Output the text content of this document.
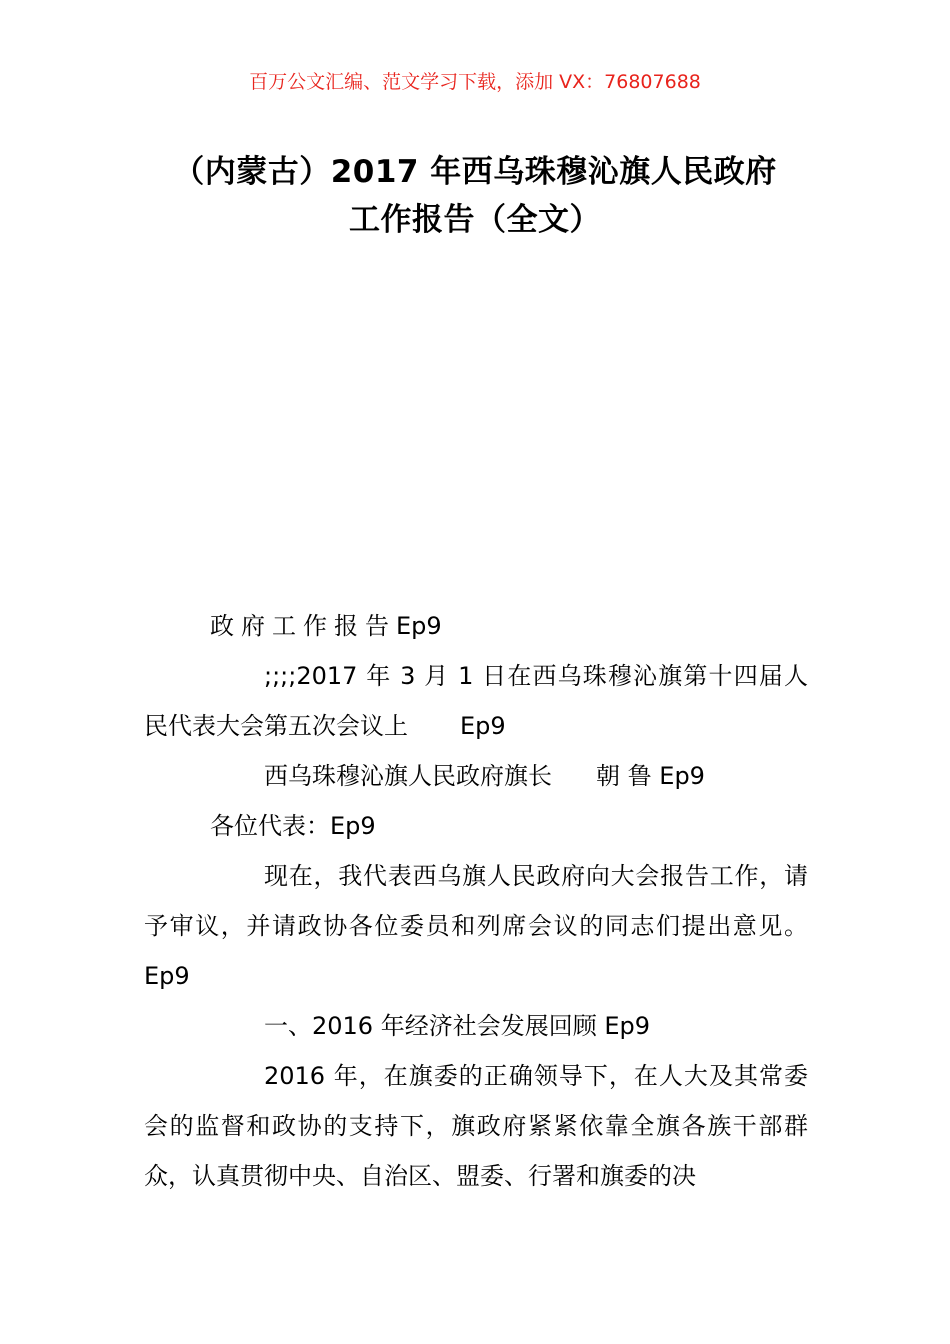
百万公文汇编、范文学习下载，添加 VX：76807688
（内蒙古）2017 年西乌珠穆沁旗人民政府
工作报告（全文）

政府工作报告Ep9

;;;;2017 年 3 月 1 日在西乌珠穆沁旗第十四届人民代表大会第五次会议上 Ep9

西乌珠穆沁旗人民政府旗长 朝 鲁 Ep9

各位代表：Ep9

现在，我代表西乌旗人民政府向大会报告工作，请予审议，并请政协各位委员和列席会议的同志们提出意见。Ep9

一、2016 年经济社会发展回顾 Ep9

2016 年，在旗委的正确领导下，在人大及其常委会的监督和政协的支持下，旗政府紧紧依靠全旗各族干部群众，认真贯彻中央、自治区、盟委、行署和旗委的决
